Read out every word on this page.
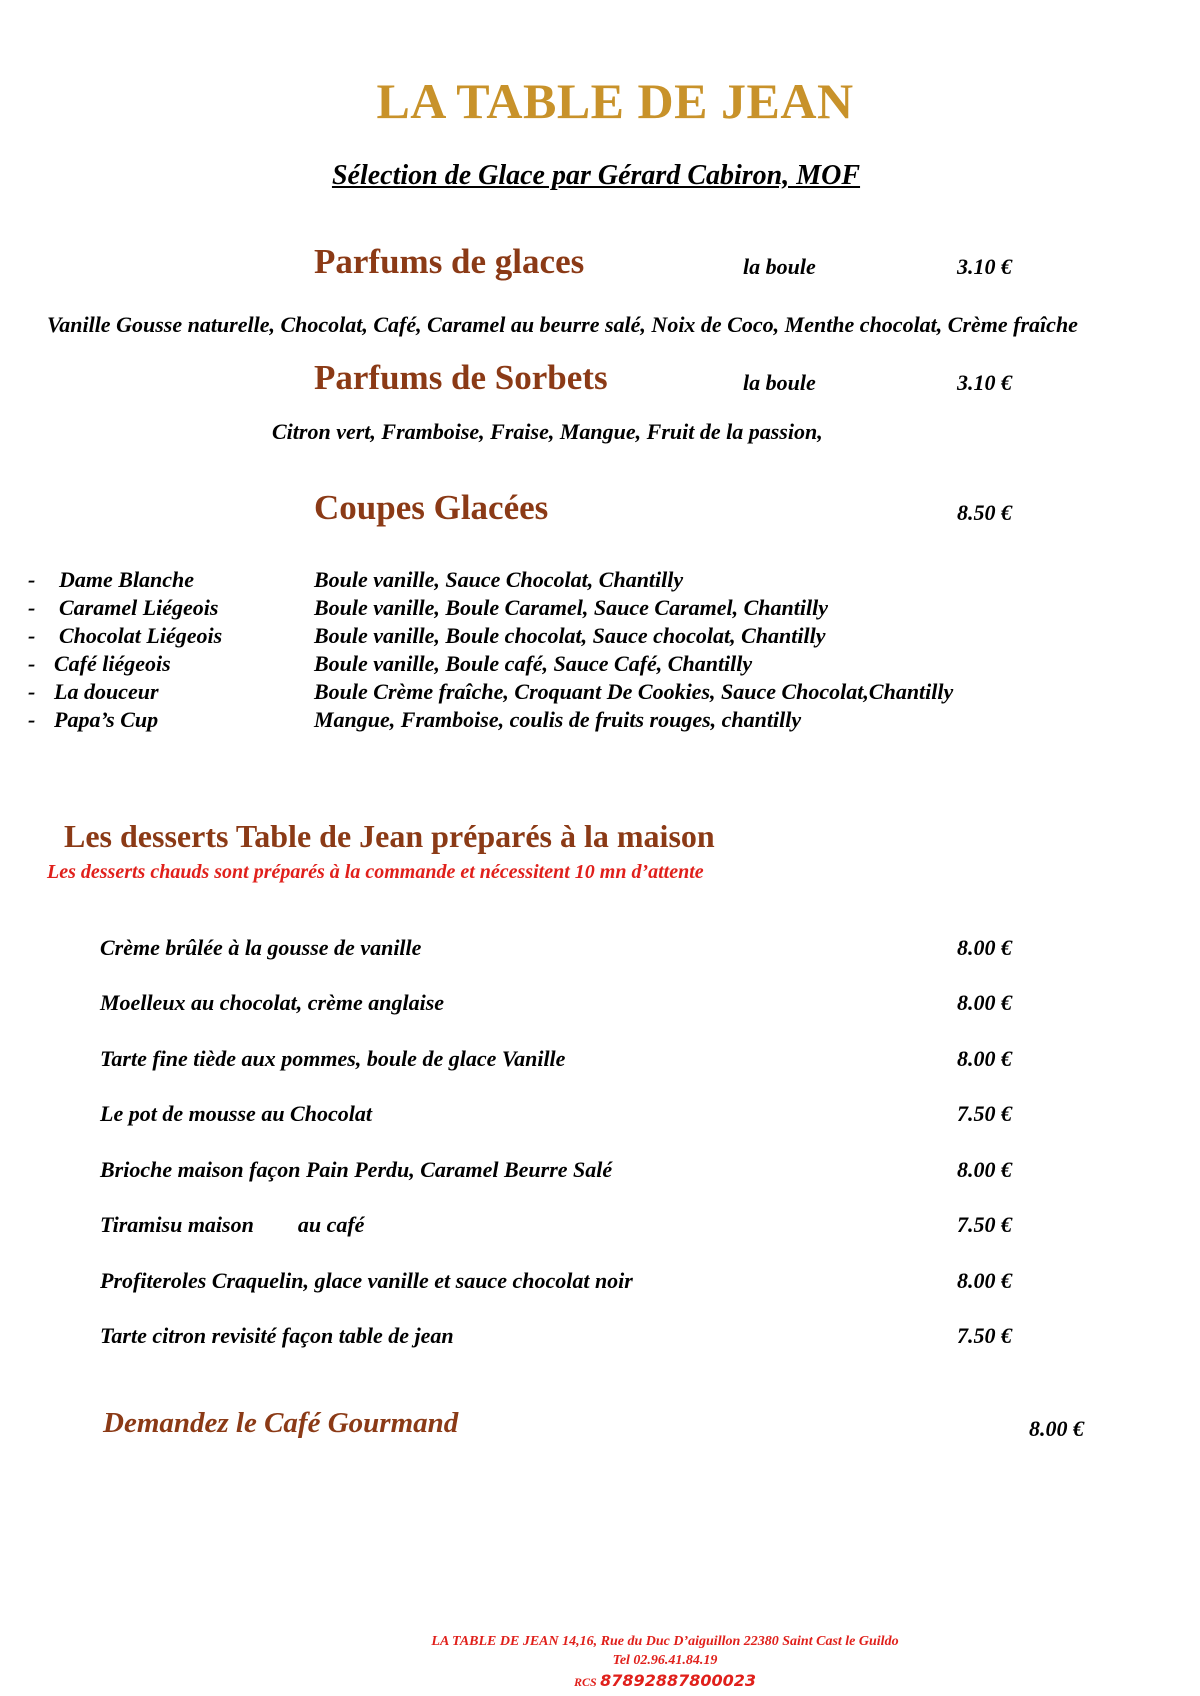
LA TABLE DE JEAN
Sélection de Glace par Gérard Cabiron, MOF
Parfums de glaces	la boule	3.10 €
Vanille Gousse naturelle, Chocolat, Café, Caramel au beurre salé, Noix de Coco, Menthe chocolat, Crème fraîche
Parfums de Sorbets	la boule	3.10 €
Citron vert, Framboise, Fraise, Mangue, Fruit de la passion,
Coupes Glacées	8.50 €
- Dame Blanche	Boule vanille, Sauce Chocolat, Chantilly
- Caramel Liégeois	Boule vanille, Boule Caramel, Sauce Caramel, Chantilly
- Chocolat Liégeois	Boule vanille, Boule chocolat, Sauce chocolat, Chantilly
- Café liégeois	Boule vanille, Boule café, Sauce Café, Chantilly
- La douceur	Boule Crème fraîche, Croquant De Cookies, Sauce Chocolat,Chantilly
- Papa’s Cup	Mangue, Framboise, coulis de fruits rouges, chantilly
Les desserts Table de Jean préparés à la maison
Les desserts chauds sont préparés à la commande et nécessitent 10 mn d’attente
Crème brûlée à la gousse de vanille	8.00 €
Moelleux au chocolat, crème anglaise	8.00 €
Tarte fine tiède aux pommes, boule de glace Vanille	8.00 €
Le pot de mousse au Chocolat	7.50 €
Brioche maison façon Pain Perdu, Caramel Beurre Salé	8.00 €
Tiramisu maison        au café	7.50 €
Profiteroles Craquelin, glace vanille et sauce chocolat noir	8.00 €
Tarte citron revisité façon table de jean	7.50 €
Demandez le Café Gourmand	8.00 €
LA TABLE DE JEAN 14,16, Rue du Duc D’aiguillon 22380 Saint Cast le Guildo
Tel 02.96.41.84.19
RCS 87892887800023
